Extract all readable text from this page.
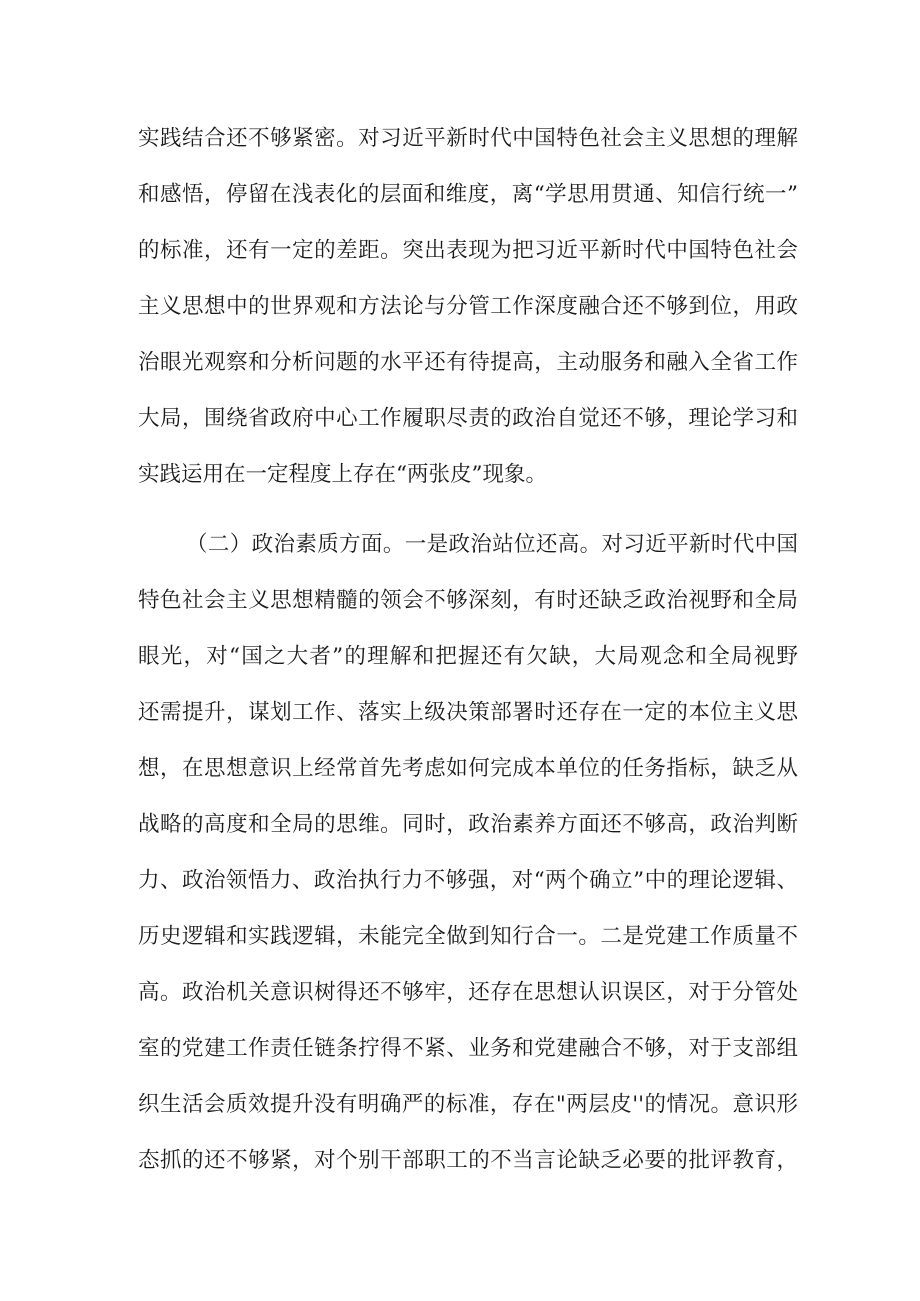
实践结合还不够紧密。对习近平新时代中国特色社会主义思想的理解
和感悟，停留在浅表化的层面和维度，离“学思用贯通、知信行统一”
的标准，还有一定的差距。突出表现为把习近平新时代中国特色社会
主义思想中的世界观和方法论与分管工作深度融合还不够到位，用政
治眼光观察和分析问题的水平还有待提高，主动服务和融入全省工作
大局，围绕省政府中心工作履职尽责的政治自觉还不够，理论学习和
实践运用在一定程度上存在“两张皮”现象。
（二）政治素质方面。一是政治站位还高。对习近平新时代中国
特色社会主义思想精髓的领会不够深刻，有时还缺乏政治视野和全局
眼光，对“国之大者”的理解和把握还有欠缺，大局观念和全局视野
还需提升，谋划工作、落实上级决策部署时还存在一定的本位主义思
想，在思想意识上经常首先考虑如何完成本单位的任务指标，缺乏从
战略的高度和全局的思维。同时，政治素养方面还不够高，政治判断
力、政治领悟力、政治执行力不够强，对“两个确立”中的理论逻辑、
历史逻辑和实践逻辑，未能完全做到知行合一。二是党建工作质量不
高。政治机关意识树得还不够牢，还存在思想认识误区，对于分管处
室的党建工作责任链条拧得不紧、业务和党建融合不够，对于支部组
织生活会质效提升没有明确严的标准，存在"两层皮''的情况。意识形
态抓的还不够紧，对个别干部职工的不当言论缺乏必要的批评教育，
